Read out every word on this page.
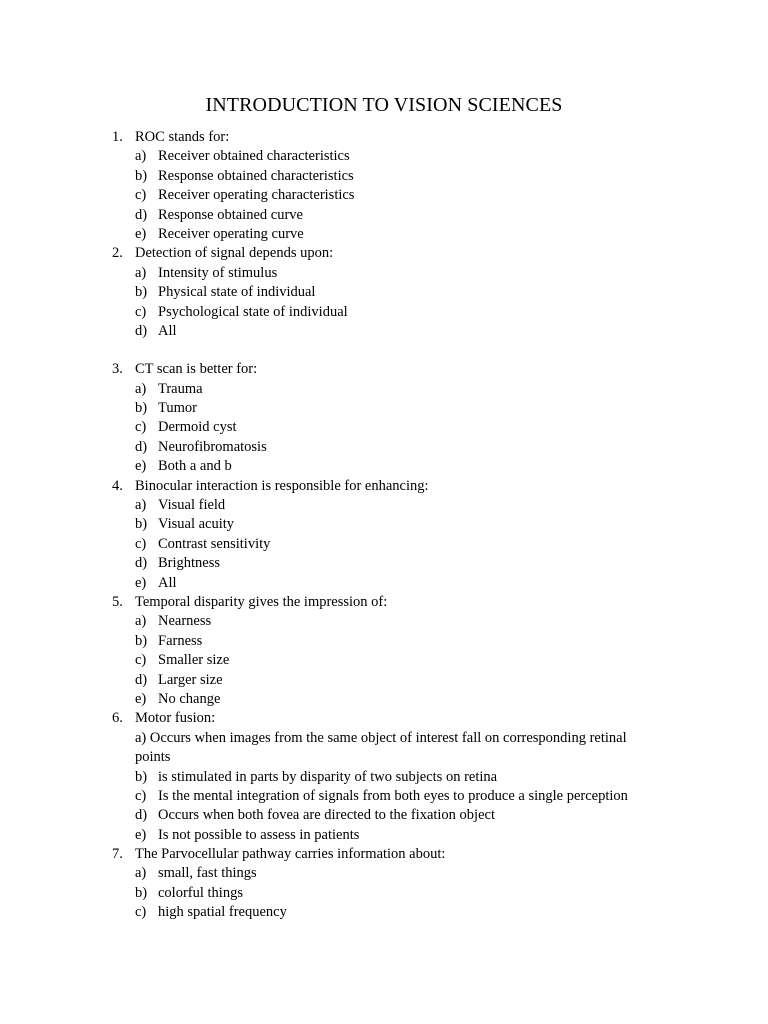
INTRODUCTION TO VISION SCIENCES
1. ROC stands for:
a) Receiver obtained characteristics
b) Response obtained characteristics
c) Receiver operating characteristics
d) Response obtained curve
e) Receiver operating curve
2. Detection of signal depends upon:
a) Intensity of stimulus
b) Physical state of individual
c) Psychological state of individual
d) All
3. CT scan is better for:
a) Trauma
b) Tumor
c) Dermoid cyst
d) Neurofibromatosis
e) Both a and b
4. Binocular interaction is responsible for enhancing:
a) Visual field
b) Visual acuity
c) Contrast sensitivity
d) Brightness
e) All
5. Temporal disparity gives the impression of:
a) Nearness
b) Farness
c) Smaller size
d) Larger size
e) No change
6. Motor fusion:
a) Occurs when images from the same object of interest fall on corresponding retinal points
b) is stimulated in parts by disparity of two subjects on retina
c) Is the mental integration of signals from both eyes to produce a single perception
d) Occurs when both fovea are directed to the fixation object
e) Is not possible to assess in patients
7. The Parvocellular pathway carries information about:
a) small, fast things
b) colorful things
c) high spatial frequency
